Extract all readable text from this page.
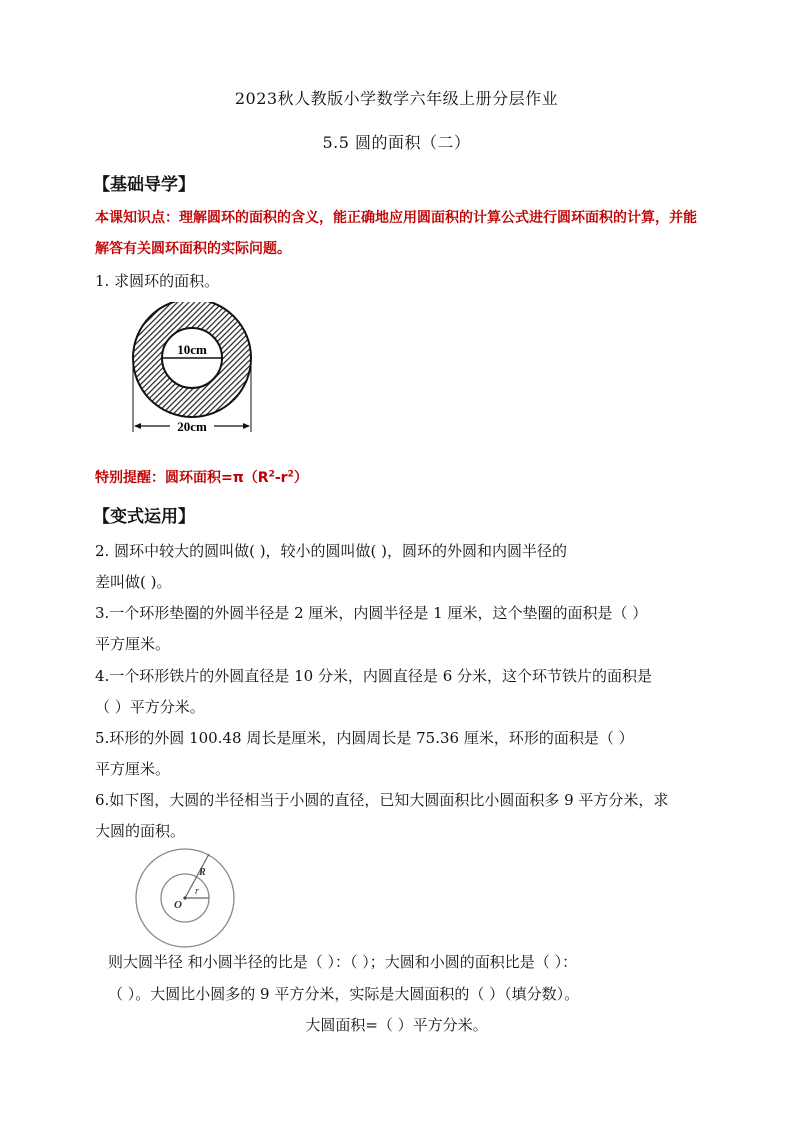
2023秋人教版小学数学六年级上册分层作业
5.5 圆的面积（二）
【基础导学】
本课知识点：理解圆环的面积的含义，能正确地应用圆面积的计算公式进行圆环面积的计算，并能
解答有关圆环面积的实际问题。
1. 求圆环的面积。
10cm
20cm
特别提醒：圆环面积$=\pi(R^2-r^2)$
【变式运用】
2. 圆环中较大的圆叫做( )，较小的圆叫做( )，圆环的外圆和内圆半径的
差叫做( )。
3.一个环形垫圈的外圆半径是 2 厘米，内圆半径是 1 厘米，这个垫圈的面积是（ ）
平方厘米。
4.一个环形铁片的外圆直径是 10 分米，内圆直径是 6 分米，这个环节铁片的面积是
（ ）平方分米。
5.环形的外圆 100.48 周长是厘米，内圆周长是 75.36 厘米，环形的面积是（ ）
平方厘米。
6.如下图，大圆的半径相当于小圆的直径，已知大圆面积比小圆面积多 9 平方分米，求
大圆的面积。
R
r
O
则大圆半径 和小圆半径的比是（ ）：（ ）；大圆和小圆的面积比是（ ）：
（ ）。大圆比小圆多的 9 平方分米，实际是大圆面积的（ ）（填分数）。
大圆面积=（ ）平方分米。
